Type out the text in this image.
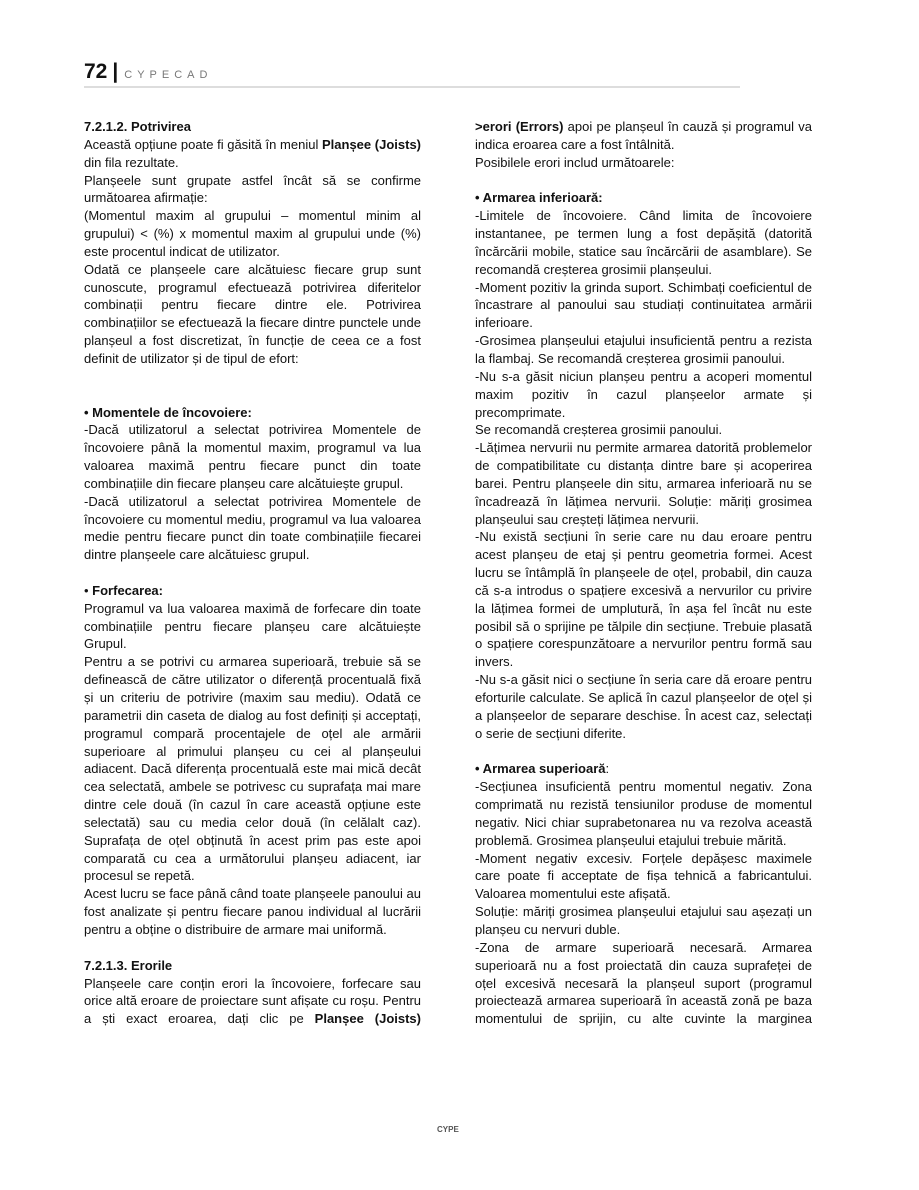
72 | CYPECAD

7.2.1.2. Potrivirea

Această opțiune poate fi găsită în meniul Planșee (Joists) din fila rezultate.

Planșeele sunt grupate astfel încât să se confirme următoarea afirmație:

(Momentul maxim al grupului – momentul minim al grupului) < (%) x momentul maxim al grupului unde (%) este procentul indicat de utilizator.

Odată ce planșeele care alcătuiesc fiecare grup sunt cunoscute, programul efectuează potrivirea diferitelor combinații pentru fiecare dintre ele. Potrivirea combinațiilor se efectuează la fiecare dintre punctele unde planșeul a fost discretizat, în funcție de ceea ce a fost definit de utilizator și de tipul de efort:

• Momentele de încovoiere:

-Dacă utilizatorul a selectat potrivirea Momentele de încovoiere până la momentul maxim, programul va lua valoarea maximă pentru fiecare punct din toate combinațiile din fiecare planșeu care alcătuiește grupul.

-Dacă utilizatorul a selectat potrivirea Momentele de încovoiere cu momentul mediu, programul va lua valoarea medie pentru fiecare punct din toate combinațiile fiecarei dintre planșeele care alcătuiesc grupul.

• Forfecarea:

Programul va lua valoarea maximă de forfecare din toate combinațiile pentru fiecare planșeu care alcătuiește Grupul.

Pentru a se potrivi cu armarea superioară, trebuie să se definească de către utilizator o diferență procentuală fixă și un criteriu de potrivire (maxim sau mediu). Odată ce parametrii din caseta de dialog au fost definiți și acceptați, programul compară procentajele de oțel ale armării superioare al primului planșeu cu cei al planșeului adiacent. Dacă diferența procentuală este mai mică decât cea selectată, ambele se potrivesc cu suprafața mai mare dintre cele două (în cazul în care această opțiune este selectată) sau cu media celor două (în celălalt caz). Suprafața de oțel obținută în acest prim pas este apoi comparată cu cea a următorului planșeu adiacent, iar procesul se repetă.

Acest lucru se face până când toate planșeele panoului au fost analizate și pentru fiecare panou individual al lucrării pentru a obține o distribuire de armare mai uniformă.

7.2.1.3. Erorile

Planșeele care conțin erori la încovoiere, forfecare sau orice altă eroare de proiectare sunt afișate cu roșu. Pentru a ști exact eroarea, dați clic pe Planșee (Joists)

>erori (Errors) apoi pe planșeul în cauză și programul va indica eroarea care a fost întâlnită.

Posibilele erori includ următoarele:

• Armarea inferioară:

-Limitele de încovoiere. Când limita de încovoiere instantanee, pe termen lung a fost depășită (datorită încărcării mobile, statice sau încărcării de asamblare). Se recomandă creșterea grosimii planșeului.

-Moment pozitiv la grinda suport. Schimbați coeficientul de încastrare al panoului sau studiați continuitatea armării inferioare.

-Grosimea planșeului etajului insuficientă pentru a rezista la flambaj. Se recomandă creșterea grosimii panoului.

-Nu s-a găsit niciun planșeu pentru a acoperi momentul maxim pozitiv în cazul planșeelor armate și precomprimate.

Se recomandă creșterea grosimii panoului.

-Lățimea nervurii nu permite armarea datorită problemelor de compatibilitate cu distanța dintre bare și acoperirea barei. Pentru planșeele din situ, armarea inferioară nu se încadrează în lățimea nervurii. Soluție: măriți grosimea planșeului sau creșteți lățimea nervurii.

-Nu există secțiuni în serie care nu dau eroare pentru acest planșeu de etaj și pentru geometria formei. Acest lucru se întâmplă în planșeele de oțel, probabil, din cauza că s-a introdus o spațiere excesivă a nervurilor cu privire la lățimea formei de umplutură, în așa fel încât nu este posibil să o sprijine pe tălpile din secțiune. Trebuie plasată o spațiere corespunzătoare a nervurilor pentru formă sau invers.

-Nu s-a găsit nici o secțiune în seria care dă eroare pentru eforturile calculate. Se aplică în cazul planșeelor de oțel și a planșeelor de separare deschise. În acest caz, selectați o serie de secțiuni diferite.

• Armarea superioară:

-Secțiunea insuficientă pentru momentul negativ. Zona comprimată nu rezistă tensiunilor produse de momentul negativ. Nici chiar suprabetonarea nu va rezolva această problemă. Grosimea planșeului etajului trebuie mărită.

-Moment negativ excesiv. Forțele depășesc maximele care poate fi acceptate de fișa tehnică a fabricantului. Valoarea momentului este afișată.

Soluție: măriți grosimea planșeului etajului sau așezați un planșeu cu nervuri duble.

-Zona de armare superioară necesară. Armarea superioară nu a fost proiectată din cauza suprafeței de oțel excesivă necesară la planșeul suport (programul proiectează armarea superioară în această zonă pe baza momentului de sprijin, cu alte cuvinte la marginea

CYPE
